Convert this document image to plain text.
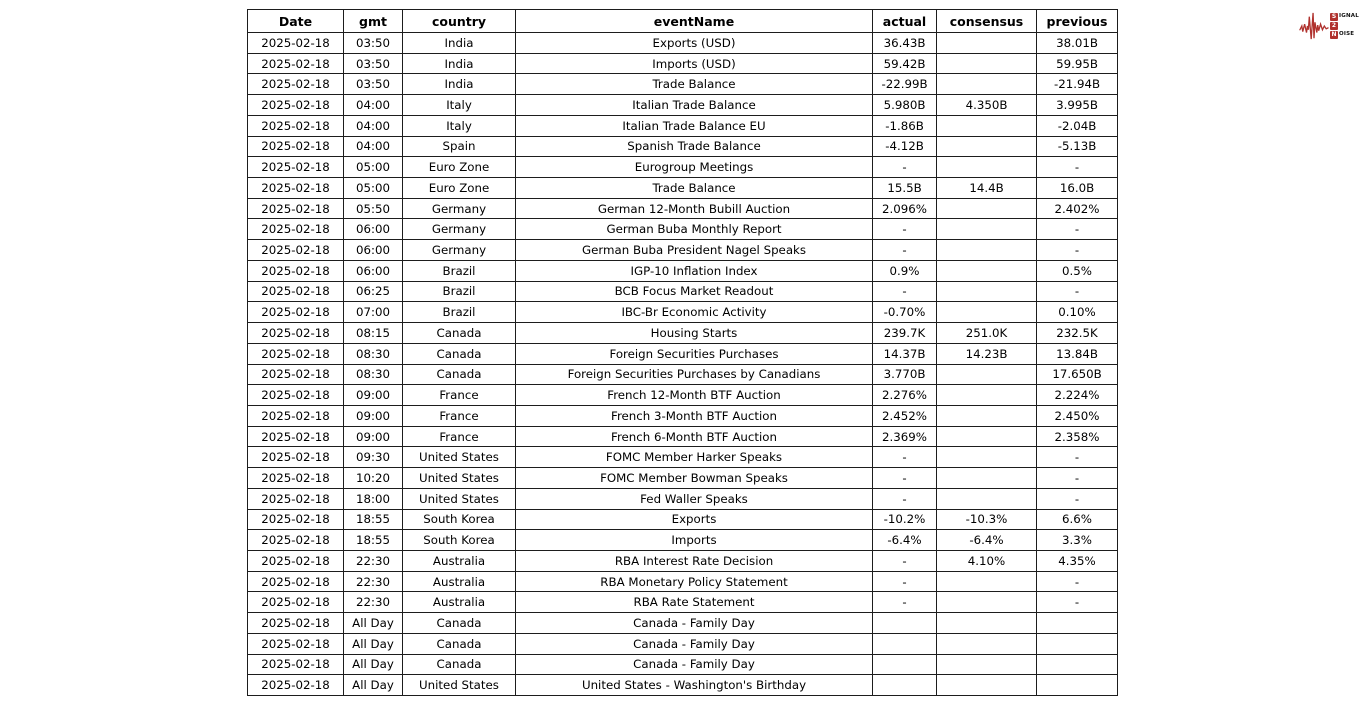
Date	gmt	country	eventName	actual	consensus	previous
2025-02-18	03:50	India	Exports (USD)	36.43B		38.01B
2025-02-18	03:50	India	Imports (USD)	59.42B		59.95B
2025-02-18	03:50	India	Trade Balance	-22.99B		-21.94B
2025-02-18	04:00	Italy	Italian Trade Balance	5.980B	4.350B	3.995B
2025-02-18	04:00	Italy	Italian Trade Balance EU	-1.86B		-2.04B
2025-02-18	04:00	Spain	Spanish Trade Balance	-4.12B		-5.13B
2025-02-18	05:00	Euro Zone	Eurogroup Meetings	-		-
2025-02-18	05:00	Euro Zone	Trade Balance	15.5B	14.4B	16.0B
2025-02-18	05:50	Germany	German 12-Month Bubill Auction	2.096%		2.402%
2025-02-18	06:00	Germany	German Buba Monthly Report	-		-
2025-02-18	06:00	Germany	German Buba President Nagel Speaks	-		-
2025-02-18	06:00	Brazil	IGP-10 Inflation Index	0.9%		0.5%
2025-02-18	06:25	Brazil	BCB Focus Market Readout	-		-
2025-02-18	07:00	Brazil	IBC-Br Economic Activity	-0.70%		0.10%
2025-02-18	08:15	Canada	Housing Starts	239.7K	251.0K	232.5K
2025-02-18	08:30	Canada	Foreign Securities Purchases	14.37B	14.23B	13.84B
2025-02-18	08:30	Canada	Foreign Securities Purchases by Canadians	3.770B		17.650B
2025-02-18	09:00	France	French 12-Month BTF Auction	2.276%		2.224%
2025-02-18	09:00	France	French 3-Month BTF Auction	2.452%		2.450%
2025-02-18	09:00	France	French 6-Month BTF Auction	2.369%		2.358%
2025-02-18	09:30	United States	FOMC Member Harker Speaks	-		-
2025-02-18	10:20	United States	FOMC Member Bowman Speaks	-		-
2025-02-18	18:00	United States	Fed Waller Speaks	-		-
2025-02-18	18:55	South Korea	Exports	-10.2%	-10.3%	6.6%
2025-02-18	18:55	South Korea	Imports	-6.4%	-6.4%	3.3%
2025-02-18	22:30	Australia	RBA Interest Rate Decision	-	4.10%	4.35%
2025-02-18	22:30	Australia	RBA Monetary Policy Statement	-		-
2025-02-18	22:30	Australia	RBA Rate Statement	-		-
2025-02-18	All Day	Canada	Canada - Family Day			
2025-02-18	All Day	Canada	Canada - Family Day			
2025-02-18	All Day	Canada	Canada - Family Day			
2025-02-18	All Day	United States	United States - Washington's Birthday			
S IGNAL
2
N OISE
